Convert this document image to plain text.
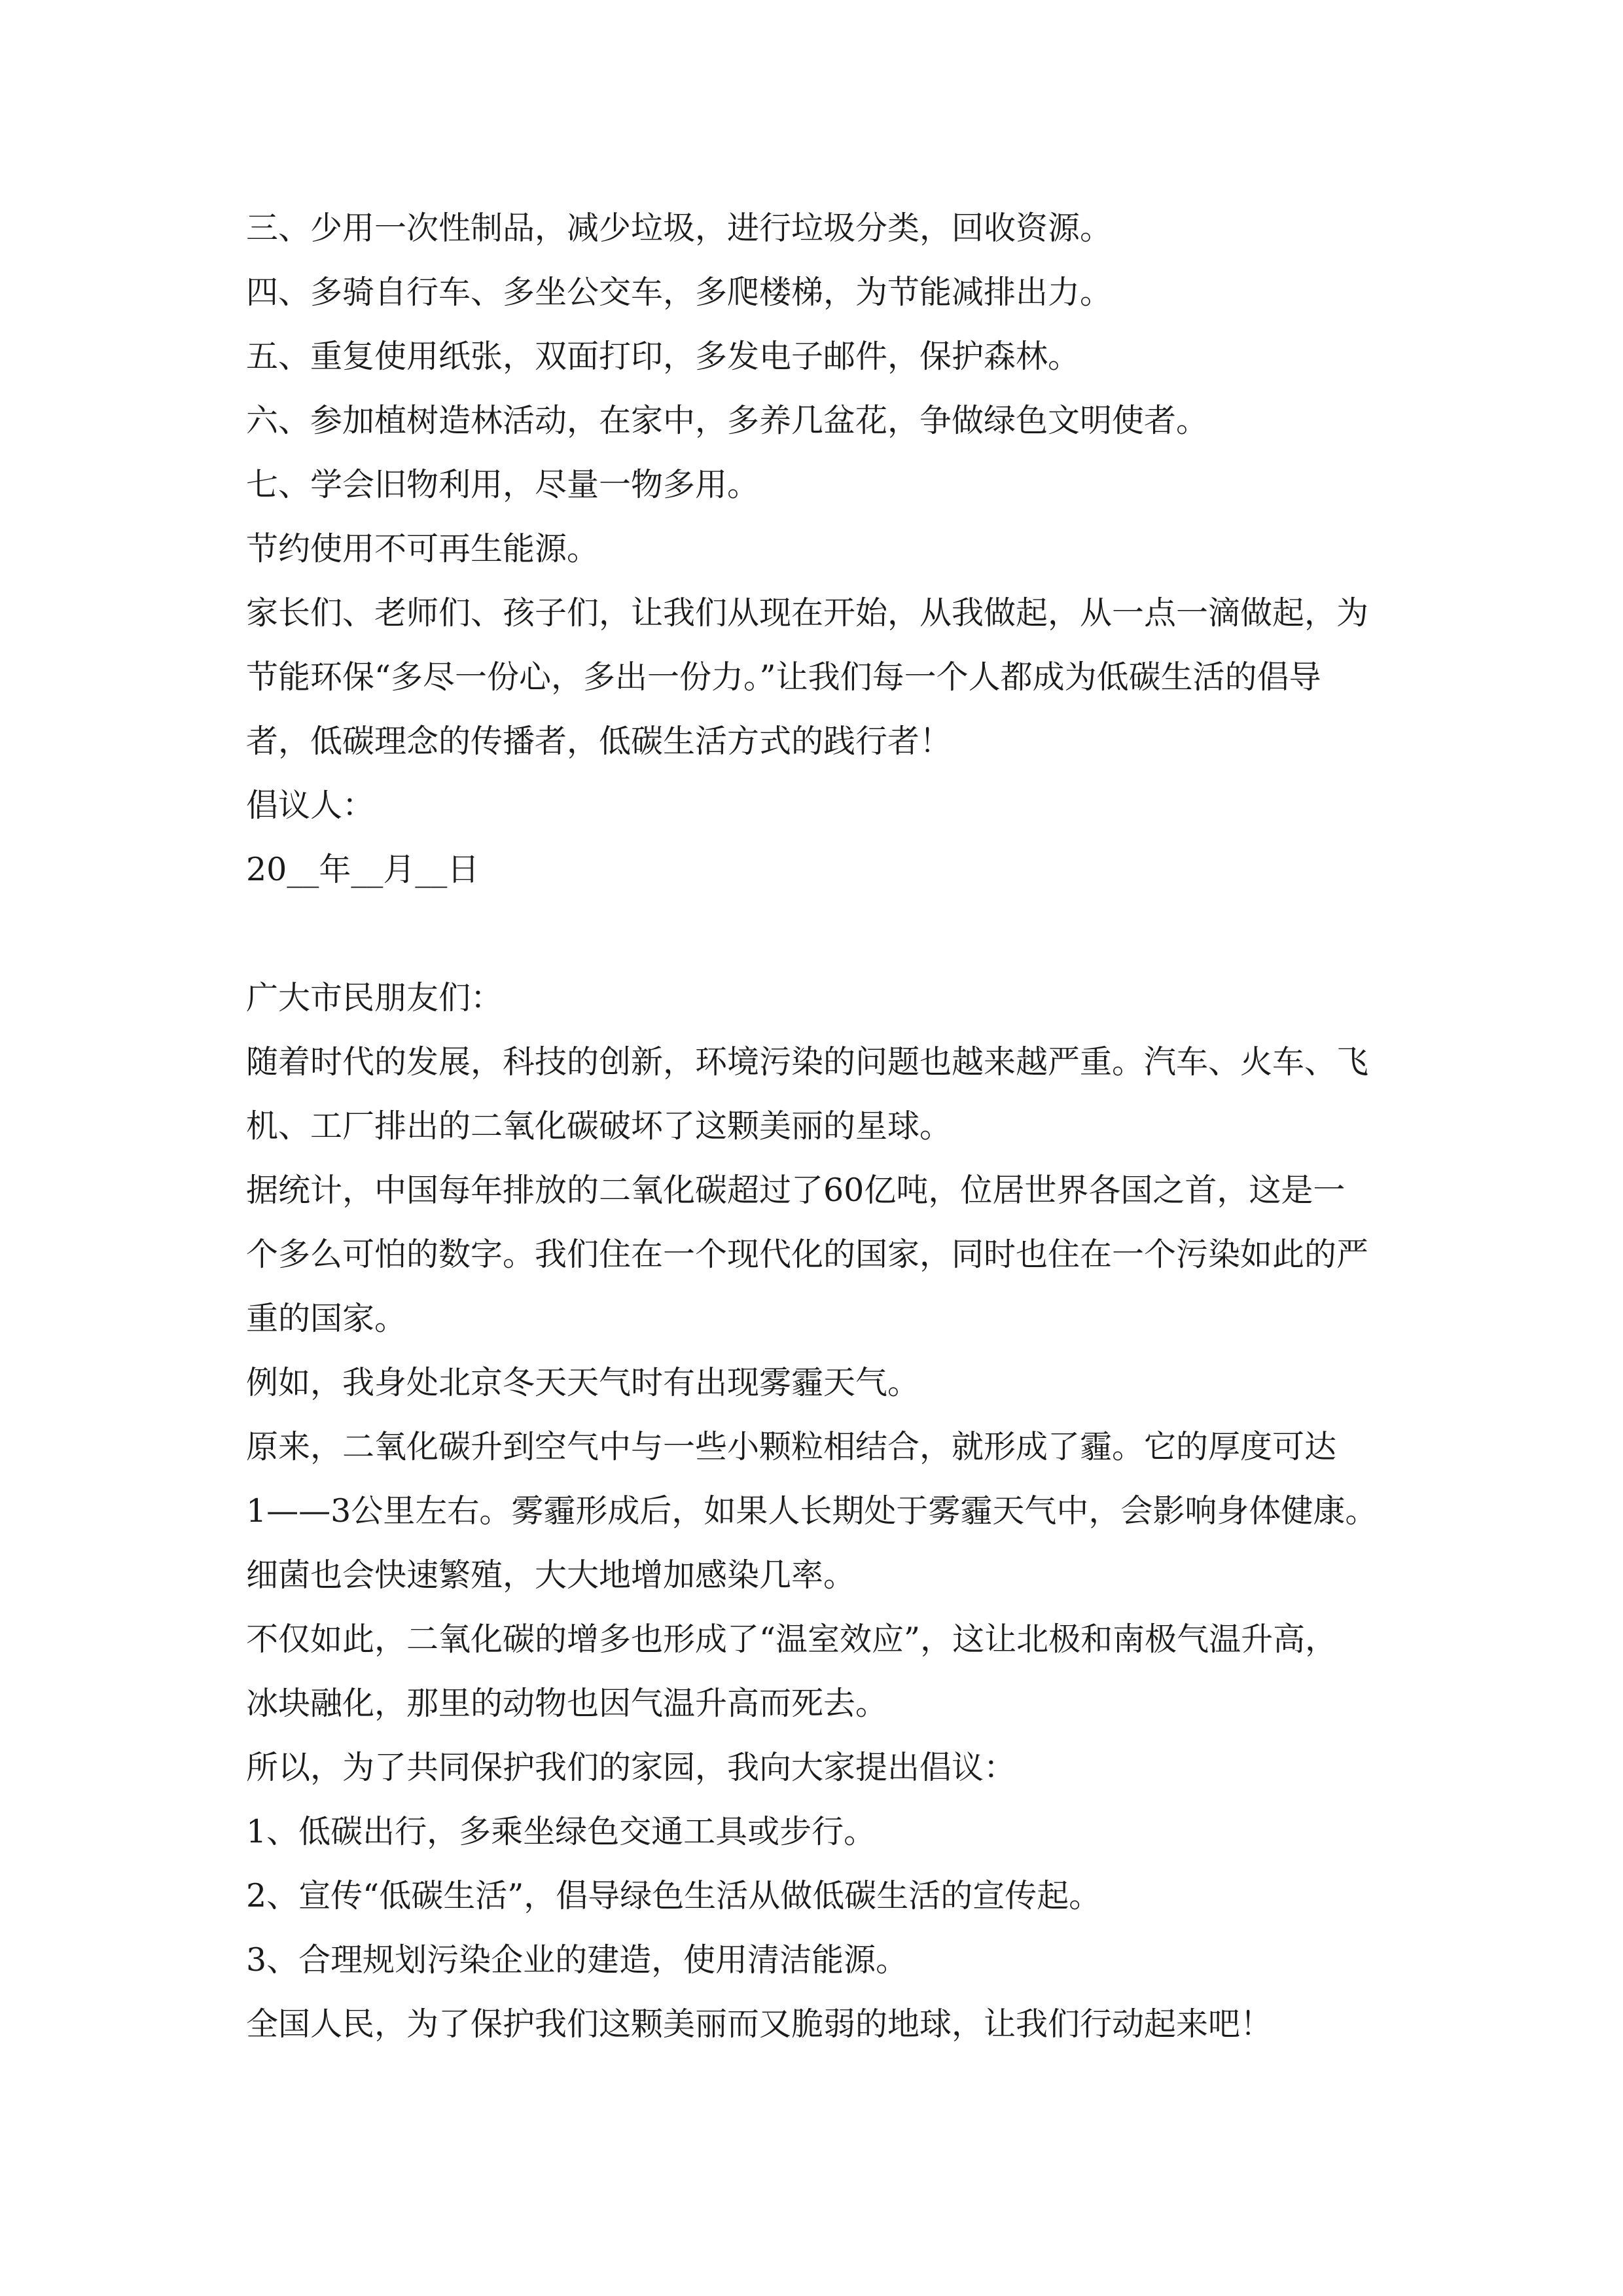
三、少用一次性制品，减少垃圾，进行垃圾分类，回收资源。
四、多骑自行车、多坐公交车，多爬楼梯，为节能减排出力。
五、重复使用纸张，双面打印，多发电子邮件，保护森林。
六、参加植树造林活动，在家中，多养几盆花，争做绿色文明使者。
七、学会旧物利用，尽量一物多用。
节约使用不可再生能源。
家长们、老师们、孩子们，让我们从现在开始，从我做起，从一点一滴做起，为
节能环保“多尽一份心，多出一份力。”让我们每一个人都成为低碳生活的倡导
者，低碳理念的传播者，低碳生活方式的践行者！
倡议人：
20__年__月__日
广大市民朋友们：
随着时代的发展，科技的创新，环境污染的问题也越来越严重。汽车、火车、飞
机、工厂排出的二氧化碳破坏了这颗美丽的星球。
据统计，中国每年排放的二氧化碳超过了60亿吨，位居世界各国之首，这是一
个多么可怕的数字。我们住在一个现代化的国家，同时也住在一个污染如此的严
重的国家。
例如，我身处北京冬天天气时有出现雾霾天气。
原来，二氧化碳升到空气中与一些小颗粒相结合，就形成了霾。它的厚度可达
1——3公里左右。雾霾形成后，如果人长期处于雾霾天气中，会影响身体健康。
细菌也会快速繁殖，大大地增加感染几率。
不仅如此，二氧化碳的增多也形成了“温室效应”，这让北极和南极气温升高，
冰块融化，那里的动物也因气温升高而死去。
所以，为了共同保护我们的家园，我向大家提出倡议：
1、低碳出行，多乘坐绿色交通工具或步行。
2、宣传“低碳生活”，倡导绿色生活从做低碳生活的宣传起。
3、合理规划污染企业的建造，使用清洁能源。
全国人民，为了保护我们这颗美丽而又脆弱的地球，让我们行动起来吧！
